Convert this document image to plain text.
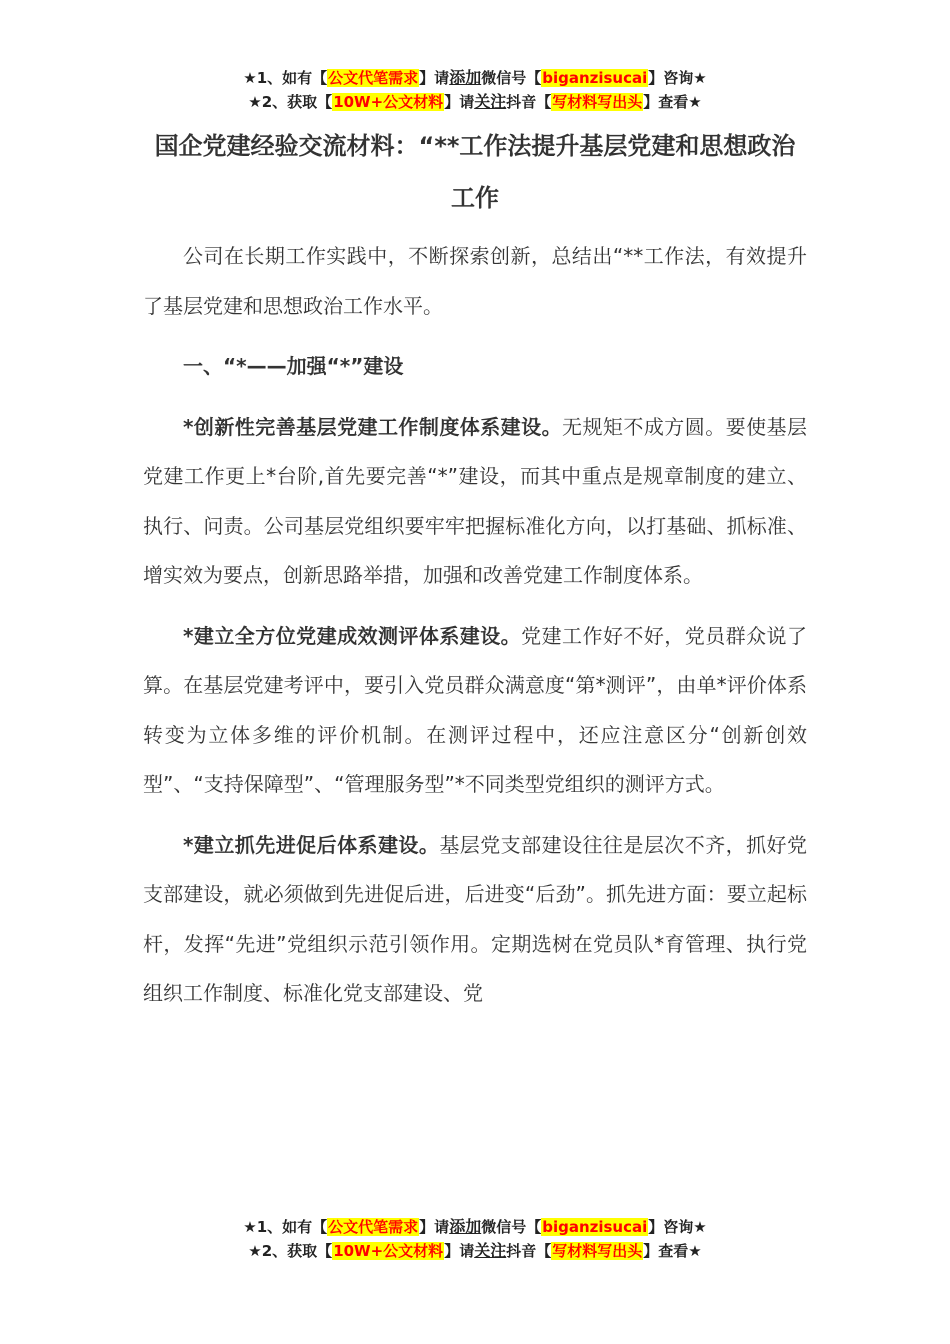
★1、如有【公文代笔需求】请添加微信号【biganzisucai】咨询★
★2、获取【10W+公文材料】请关注抖音【写材料写出头】查看★
国企党建经验交流材料：“**工作法提升基层党建和思想政治工作

公司在长期工作实践中，不断探索创新，总结出“**工作法，有效提升了基层党建和思想政治工作水平。

一、“*——加强“*”建设

*创新性完善基层党建工作制度体系建设。无规矩不成方圆。要使基层党建工作更上*台阶,首先要完善“*”建设，而其中重点是规章制度的建立、执行、问责。公司基层党组织要牢牢把握标准化方向，以打基础、抓标准、增实效为要点，创新思路举措，加强和改善党建工作制度体系。

*建立全方位党建成效测评体系建设。党建工作好不好，党员群众说了算。在基层党建考评中，要引入党员群众满意度“第*测评”，由单*评价体系转变为立体多维的评价机制。在测评过程中，还应注意区分“创新创效型”、“支持保障型”、“管理服务型”*不同类型党组织的测评方式。

*建立抓先进促后体系建设。基层党支部建设往往是层次不齐，抓好党支部建设，就必须做到先进促后进，后进变“后劲”。抓先进方面：要立起标杆，发挥“先进”党组织示范引领作用。定期选树在党员队*育管理、执行党组织工作制度、标准化党支部建设、党

★1、如有【公文代笔需求】请添加微信号【biganzisucai】咨询★
★2、获取【10W+公文材料】请关注抖音【写材料写出头】查看★
